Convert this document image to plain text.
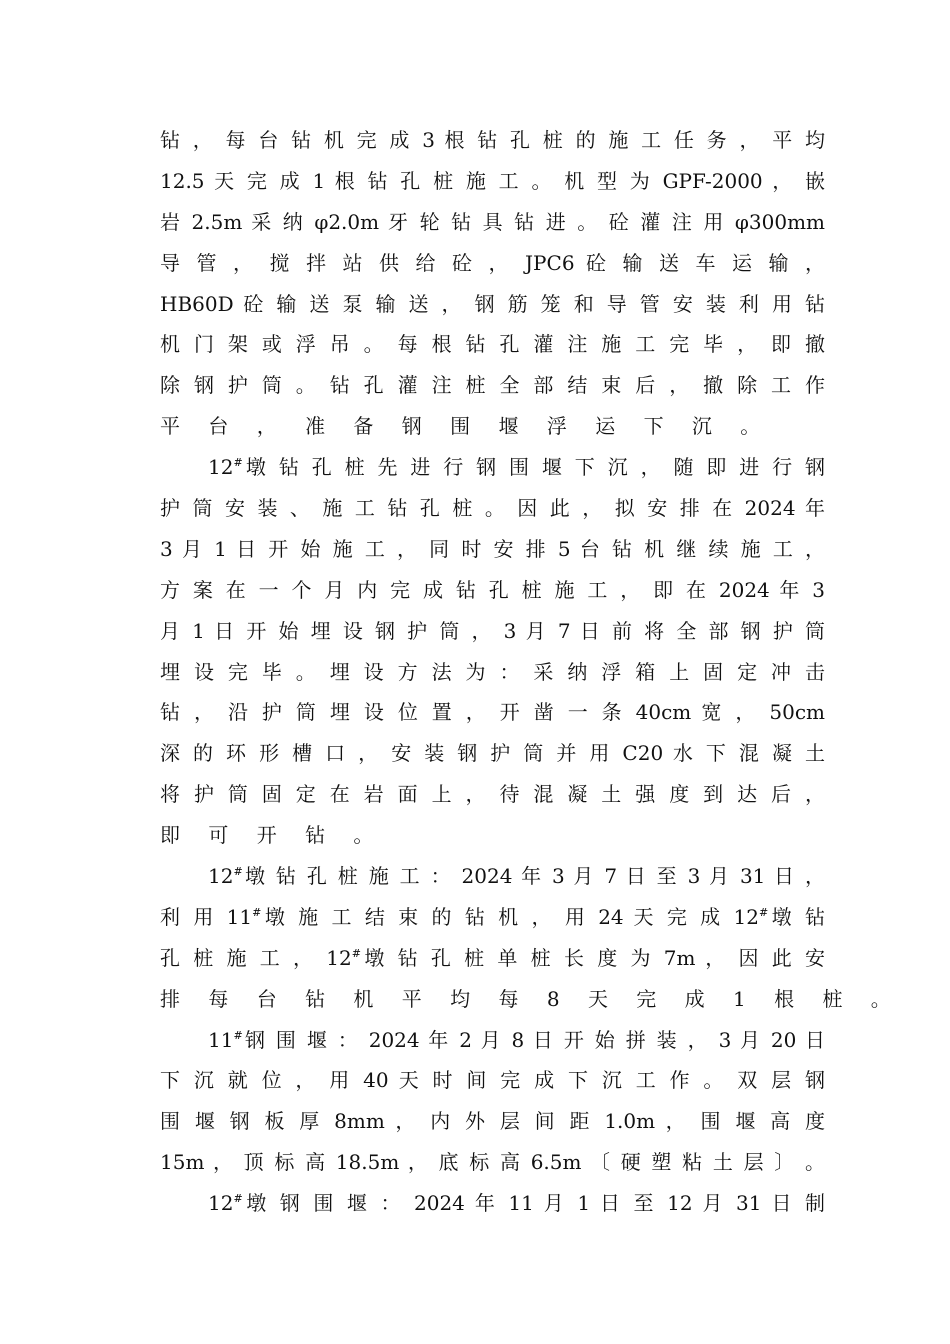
钻 ， 每 台 钻 机 完 成 3 根 钻 孔 桩 的 施 工 任 务 ， 平 均
12.5 天 完 成 1 根 钻 孔 桩 施 工 。 机 型 为 GPF-2000 ， 嵌
岩 2.5m 采 纳 φ2.0m 牙 轮 钻 具 钻 进 。 砼 灌 注 用 φ300mm
导 管 ， 搅 拌 站 供 给 砼 ， JPC6 砼 输 送 车 运 输 ，
HB60D 砼 输 送 泵 输 送 ， 钢 筋 笼 和 导 管 安 装 利 用 钻
机 门 架 或 浮 吊 。 每 根 钻 孔 灌 注 施 工 完 毕 ， 即 撤
除 钢 护 筒 。 钻 孔 灌 注 桩 全 部 结 束 后 ， 撤 除 工 作
平 台 ， 准 备 钢 围 堰 浮 运 下 沉 。
12#墩 钻 孔 桩 先 进 行 钢 围 堰 下 沉 ， 随 即 进 行 钢
护 筒 安 装 、 施 工 钻 孔 桩 。 因 此 ， 拟 安 排 在 2024 年
3 月 1 日 开 始 施 工 ， 同 时 安 排 5 台 钻 机 继 续 施 工 ，
方 案 在 一 个 月 内 完 成 钻 孔 桩 施 工 ， 即 在 2024 年 3
月 1 日 开 始 埋 设 钢 护 筒 ， 3 月 7 日 前 将 全 部 钢 护 筒
埋 设 完 毕 。 埋 设 方 法 为 ： 采 纳 浮 箱 上 固 定 冲 击
钻 ， 沿 护 筒 埋 设 位 置 ， 开 凿 一 条 40cm 宽 ， 50cm
深 的 环 形 槽 口 ， 安 装 钢 护 筒 并 用 C20 水 下 混 凝 土
将 护 筒 固 定 在 岩 面 上 ， 待 混 凝 土 强 度 到 达 后 ，
即 可 开 钻 。
12#墩 钻 孔 桩 施 工 ： 2024 年 3 月 7 日 至 3 月 31 日 ，
利 用 11#墩 施 工 结 束 的 钻 机 ， 用 24 天 完 成 12#墩 钻
孔 桩 施 工 ， 12#墩 钻 孔 桩 单 桩 长 度 为 7m ， 因 此 安
排 每 台 钻 机 平 均 每 8 天 完 成 1 根 桩 。
11#钢 围 堰 ： 2024 年 2 月 8 日 开 始 拼 装 ， 3 月 20 日
下 沉 就 位 ， 用 40 天 时 间 完 成 下 沉 工 作 。 双 层 钢
围 堰 钢 板 厚 8mm ， 内 外 层 间 距 1.0m ， 围 堰 高 度
15m ， 顶 标 高 18.5m ， 底 标 高 6.5m 〔 硬 塑 粘 土 层 〕 。
12#墩 钢 围 堰 ： 2024 年 11 月 1 日 至 12 月 31 日 制
